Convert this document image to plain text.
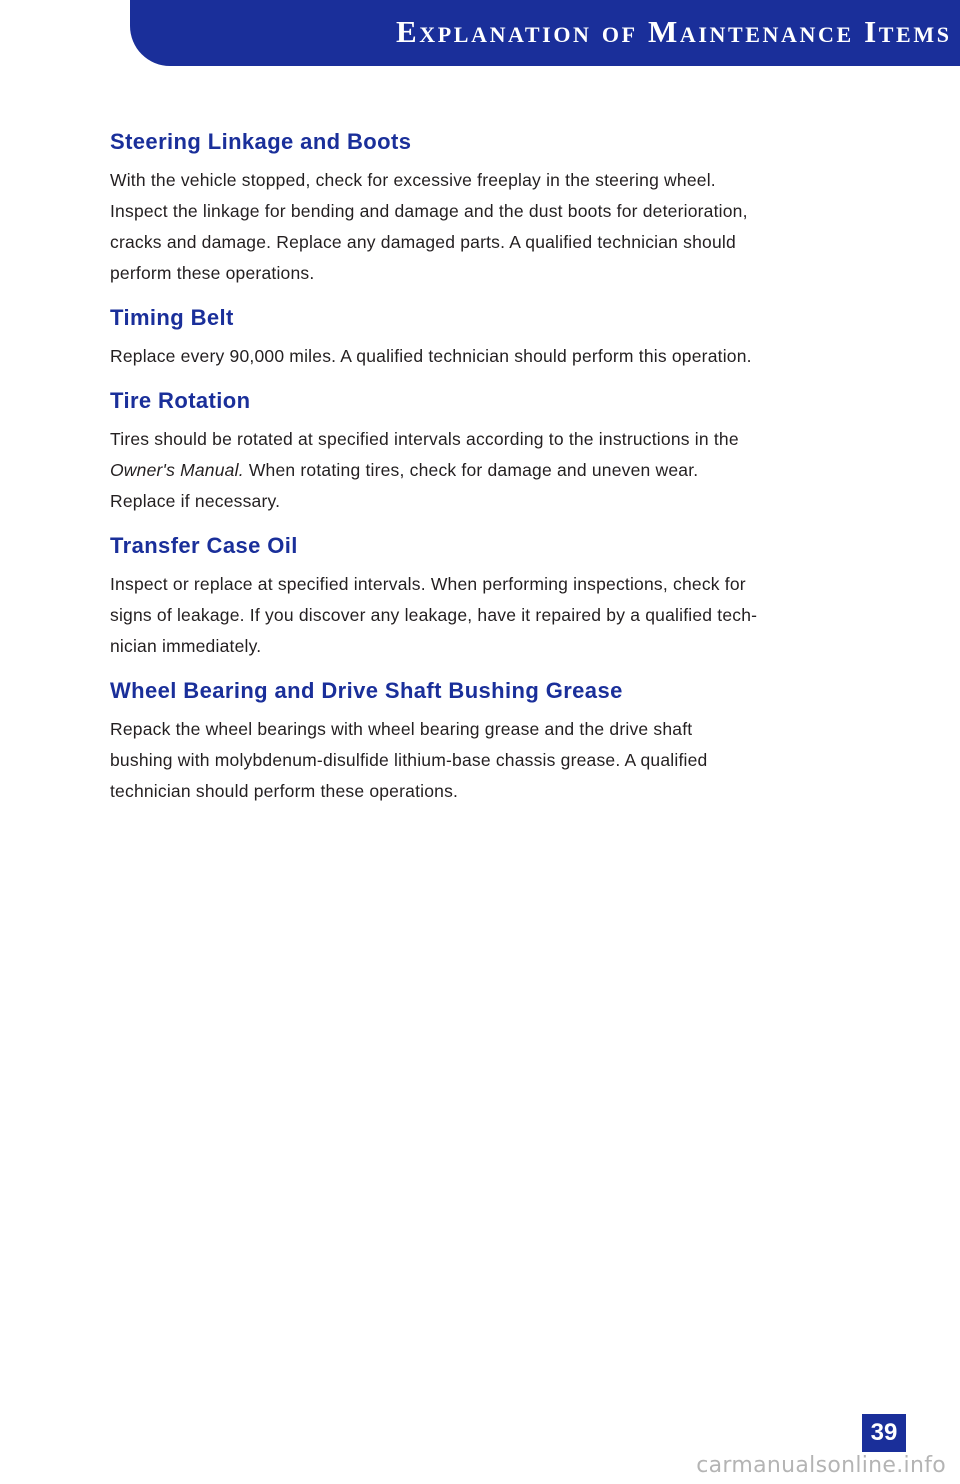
Explanation of Maintenance Items
Steering Linkage and Boots
With the vehicle stopped, check for excessive freeplay in the steering wheel.
Inspect the linkage for bending and damage and the dust boots for deterioration,
cracks and damage. Replace any damaged parts. A qualified technician should
perform these operations.
Timing Belt
Replace every 90,000 miles. A qualified technician should perform this operation.
Tire Rotation
Tires should be rotated at specified intervals according to the instructions in the
Owner's Manual. When rotating tires, check for damage and uneven wear.
Replace if necessary.
Transfer Case Oil
Inspect or replace at specified intervals. When performing inspections, check for
signs of leakage. If you discover any leakage, have it repaired by a qualified tech-
nician immediately.
Wheel Bearing and Drive Shaft Bushing Grease
Repack the wheel bearings with wheel bearing grease and the drive shaft
bushing with molybdenum-disulfide lithium-base chassis grease. A qualified
technician should perform these operations.
39
carmanualsonline.info
